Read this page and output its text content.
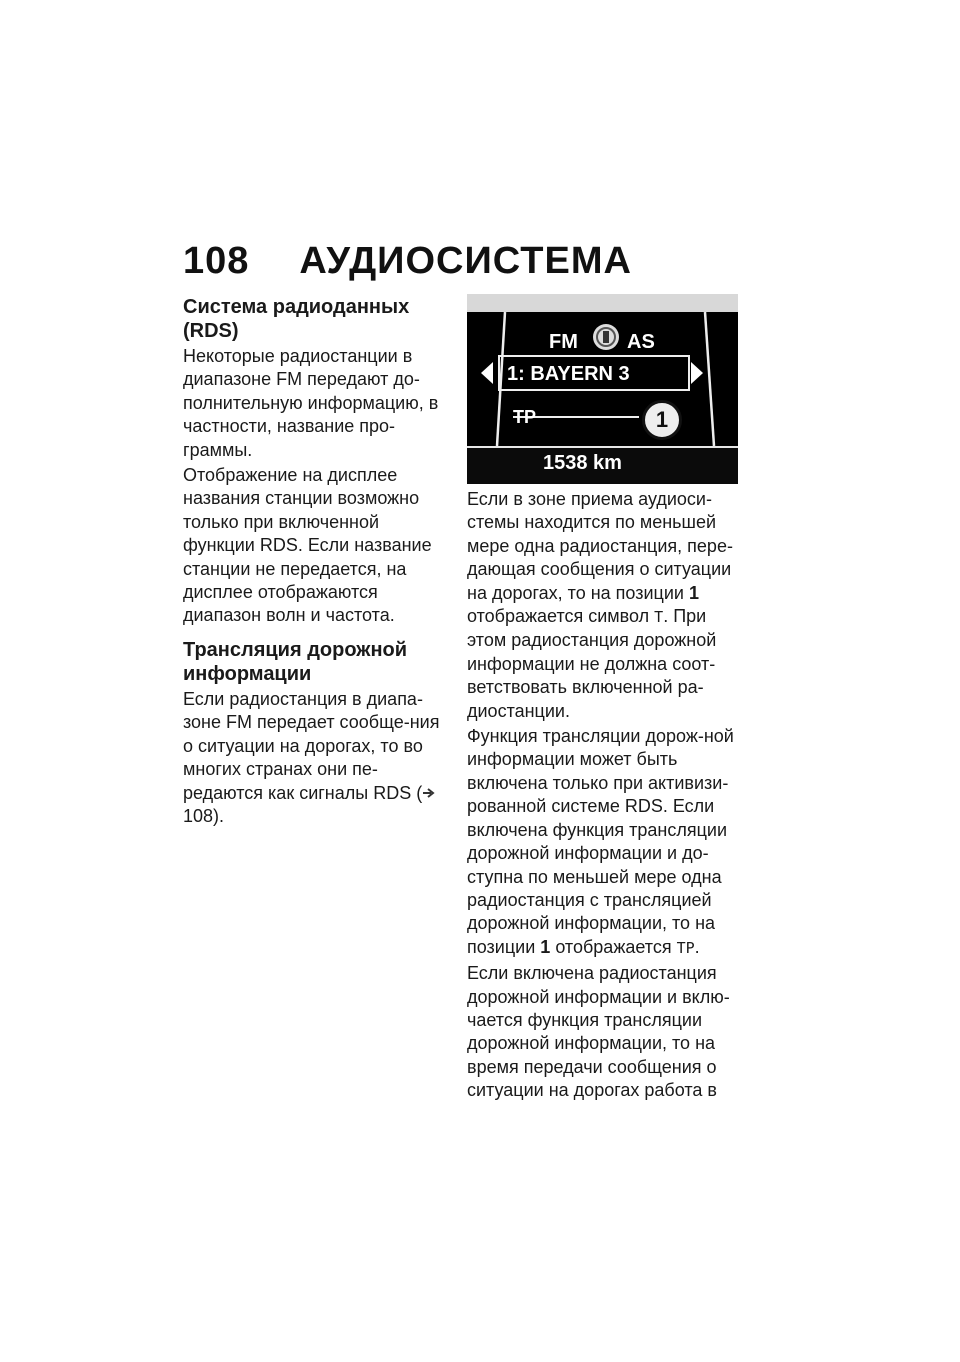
108 АУДИОСИСТЕМА
Система радиоданных (RDS)
Некоторые радиостанции в диапазоне FM передают до-полнительную информацию, в частности, название про-граммы.
Отображение на дисплее названия станции возможно только при включенной функции RDS. Если название станции не передается, на дисплее отображаются диапазон волн и частота.
Трансляция дорожной информации
Если радиостанция в диапа-зоне FM передает сообще-ния о ситуации на дорогах, то во многих странах они пе-редаются как сигналы RDS (108).
FM AS
1: BAYERN 3
TP	1
1538 km
Если в зоне приема аудиоси-стемы находится по меньшей мере одна радиостанция, пере-дающая сообщения о ситуации на дорогах, то на позиции 1 отображается символ T. При этом радиостанция дорожной информации не должна соот-ветствовать включенной ра-диостанции.
Функция трансляции дорож-ной информации может быть включена только при активизи-рованной системе RDS. Если включена функция трансляции дорожной информации и до-ступна по меньшей мере одна радиостанция с трансляцией дорожной информации, то на позиции 1 отображается TP.
Если включена радиостанция дорожной информации и вклю-чается функция трансляции дорожной информации, то на время передачи сообщения о ситуации на дорогах работа в
